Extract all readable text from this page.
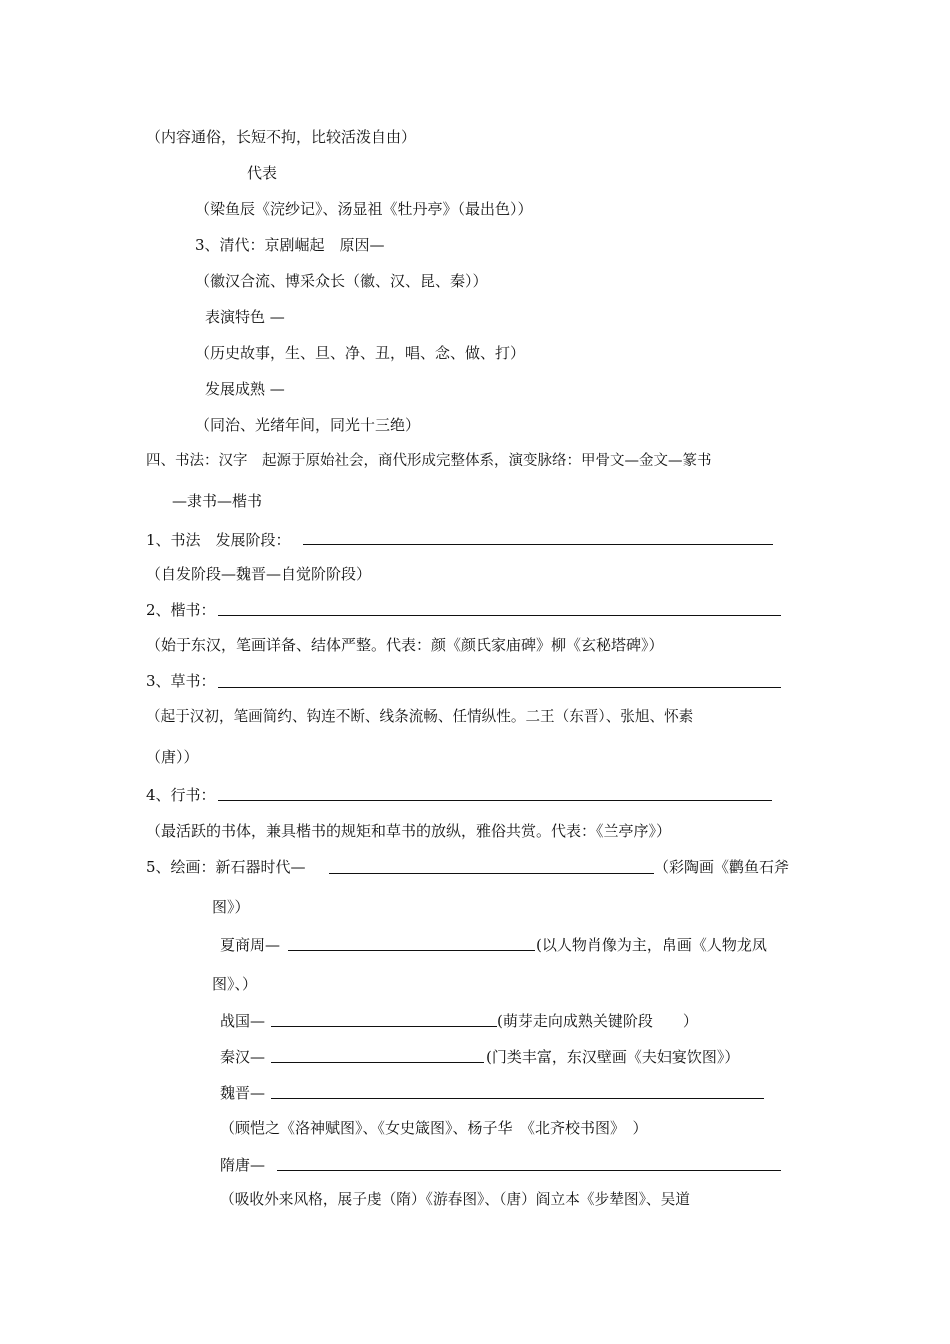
（内容通俗，长短不拘，比较活泼自由）
代表
（梁鱼辰《浣纱记》、汤显祖《牡丹亭》（最出色））
3、清代：京剧崛起　原因—
（徽汉合流、博采众长（徽、汉、昆、秦））
表演特色 —
（历史故事，生、旦、净、丑，唱、念、做、打）
发展成熟 —
（同治、光绪年间，同光十三绝）
四、书法：汉字　起源于原始社会，商代形成完整体系，演变脉络：甲骨文—金文—篆书
—隶书—楷书
1、书法　发展阶段：
（自发阶段—魏晋—自觉阶阶段）
2、楷书：
（始于东汉，笔画详备、结体严整。代表：颜《颜氏家庙碑》柳《玄秘塔碑》）
3、草书：
（起于汉初，笔画简约、钩连不断、线条流畅、任情纵性。二王（东晋）、张旭、怀素
（唐））
4、行书：
（最活跃的书体，兼具楷书的规矩和草书的放纵，雅俗共赏。代表：《兰亭序》）
5、绘画：新石器时代—	（彩陶画《鹳鱼石斧
图》）
夏商周—	(以人物肖像为主，帛画《人物龙凤
图》、）
战国—	(萌芽走向成熟关键阶段　　）
秦汉—	(门类丰富，东汉壁画《夫妇宴饮图》）
魏晋—
（顾恺之《洛神赋图》、《女史箴图》、杨子华　《北齐校书图》　）
隋唐—
（吸收外来风格，展子虔（隋）《游春图》、（唐）阎立本《步辇图》、吴道
